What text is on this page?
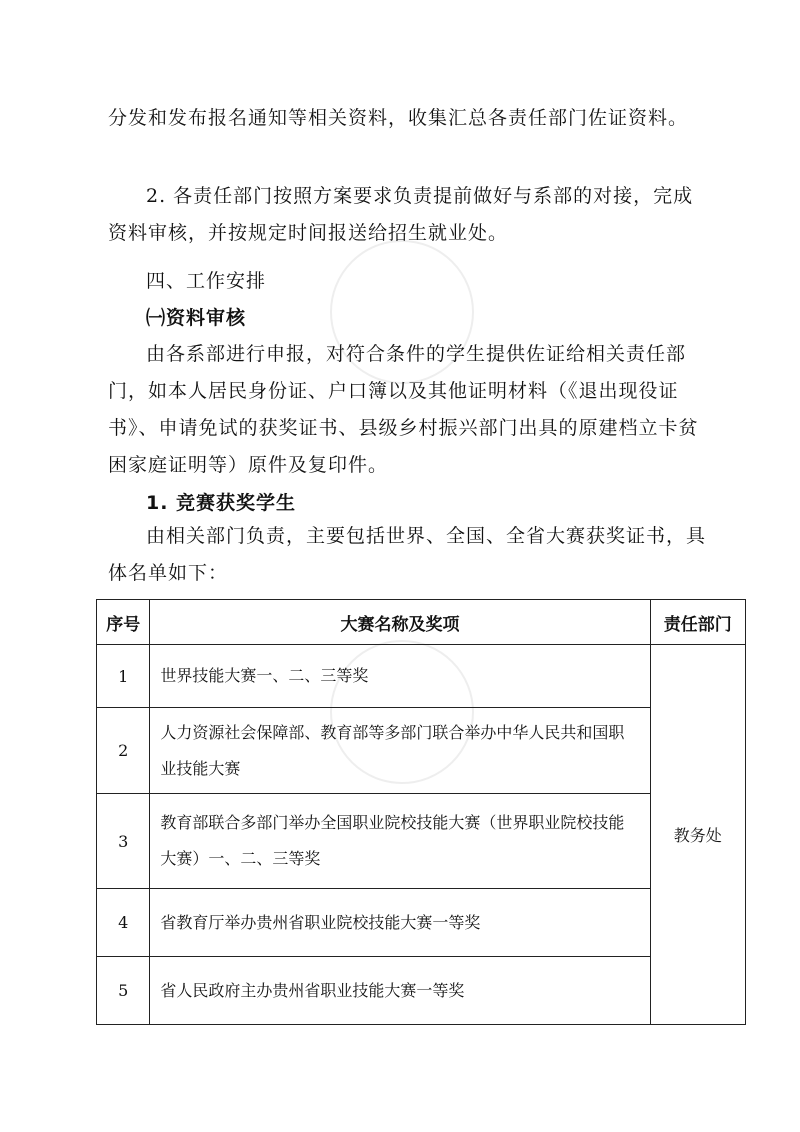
分发和发布报名通知等相关资料，收集汇总各责任部门佐证资料。
2. 各责任部门按照方案要求负责提前做好与系部的对接，完成资料审核，并按规定时间报送给招生就业处。
四、工作安排
㈠资料审核
由各系部进行申报，对符合条件的学生提供佐证给相关责任部门，如本人居民身份证、户口簿以及其他证明材料（《退出现役证书》、申请免试的获奖证书、县级乡村振兴部门出具的原建档立卡贫困家庭证明等）原件及复印件。
1. 竞赛获奖学生
由相关部门负责，主要包括世界、全国、全省大赛获奖证书，具体名单如下：
序号	大赛名称及奖项	责任部门
1	世界技能大赛一、二、三等奖	教务处
2	人力资源社会保障部、教育部等多部门联合举办中华人民共和国职业技能大赛	
3	教育部联合多部门举办全国职业院校技能大赛（世界职业院校技能大赛）一、二、三等奖	
4	省教育厅举办贵州省职业院校技能大赛一等奖	
5	省人民政府主办贵州省职业技能大赛一等奖	
